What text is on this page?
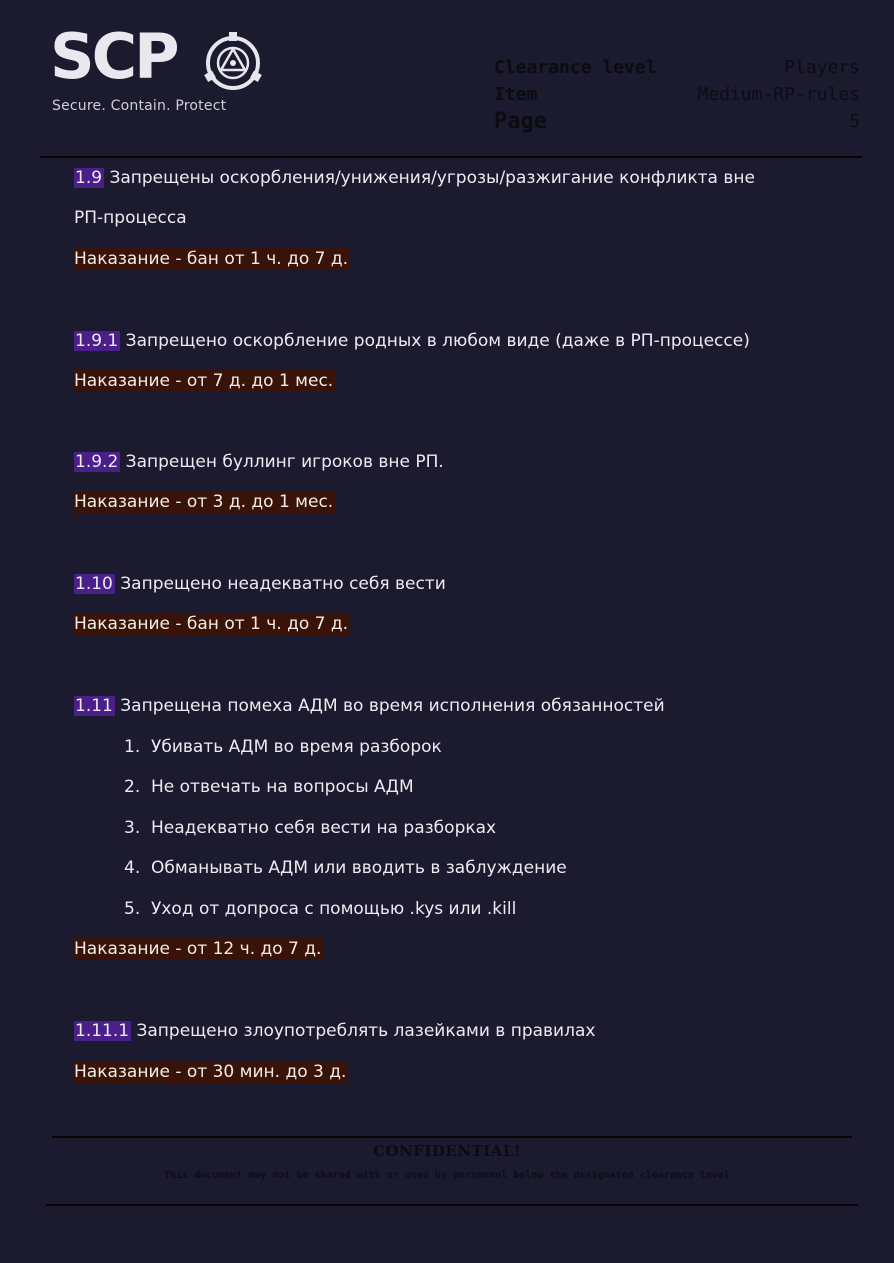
SCP
Secure. Contain. Protect
Clearance level	Players
Item	Medium-RP-rules
Page	5
1.9 Запрещены оскорбления/унижения/угрозы/разжигание конфликта вне
РП-процесса
Наказание - бан от 1 ч. до 7 д.
1.9.1 Запрещено оскорбление родных в любом виде (даже в РП-процессе)
Наказание - от 7 д. до 1 мес.
1.9.2 Запрещен буллинг игроков вне РП.
Наказание - от 3 д. до 1 мес.
1.10 Запрещено неадекватно себя вести
Наказание - бан от 1 ч. до 7 д.
1.11 Запрещена помеха АДМ во время исполнения обязанностей
1. Убивать АДМ во время разборок
2. Не отвечать на вопросы АДМ
3. Неадекватно себя вести на разборках
4. Обманывать АДМ или вводить в заблуждение
5. Уход от допроса с помощью .kys или .kill
Наказание - от 12 ч. до 7 д.
1.11.1 Запрещено злоупотреблять лазейками в правилах
Наказание - от 30 мин. до 3 д.
CONFIDENTIAL!
This document may not be shared with or used by personnel below the designated clearance level
